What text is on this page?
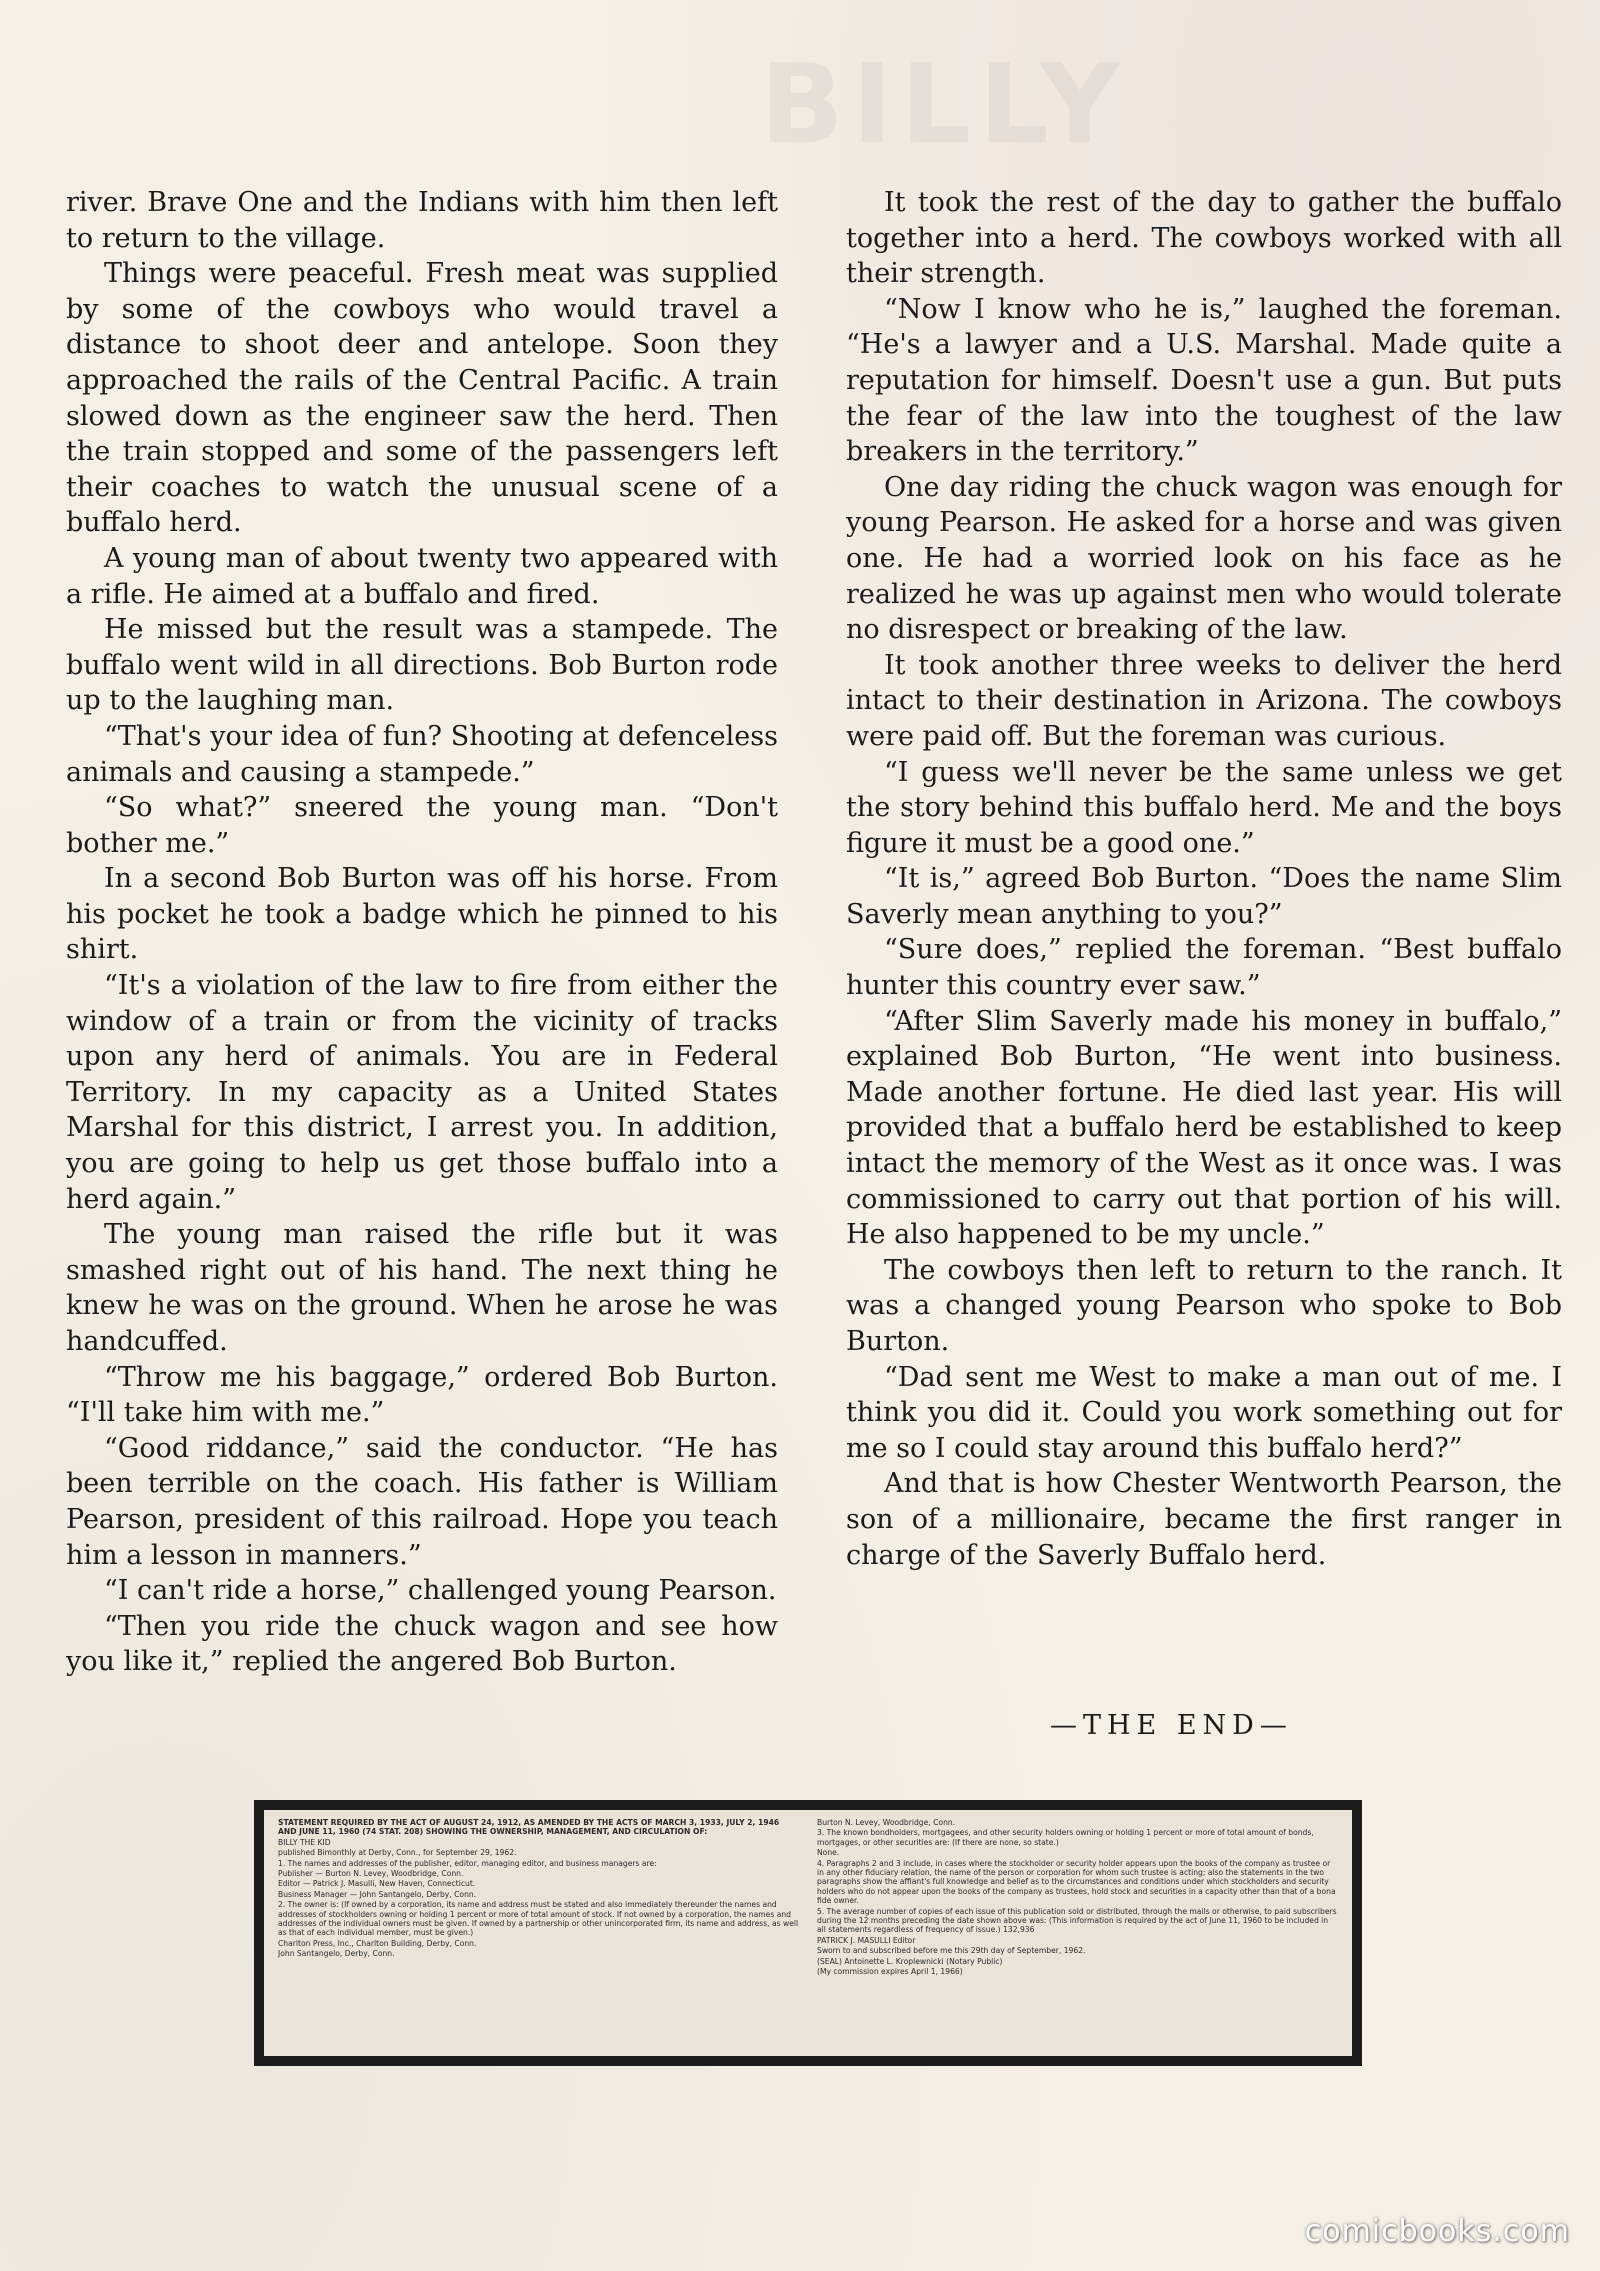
BILLY

river. Brave One and the Indians with him then left to return to the village.

Things were peaceful. Fresh meat was supplied by some of the cowboys who would travel a distance to shoot deer and antelope. Soon they approached the rails of the Central Pacific. A train slowed down as the engineer saw the herd. Then the train stopped and some of the passengers left their coaches to watch the unusual scene of a buffalo herd.

A young man of about twenty two appeared with a rifle. He aimed at a buffalo and fired.

He missed but the result was a stampede. The buffalo went wild in all directions. Bob Burton rode up to the laughing man.

“That's your idea of fun? Shooting at defenceless animals and causing a stampede.”

“So what?” sneered the young man. “Don't bother me.”

In a second Bob Burton was off his horse. From his pocket he took a badge which he pinned to his shirt.

“It's a violation of the law to fire from either the window of a train or from the vicinity of tracks upon any herd of animals. You are in Federal Territory. In my capacity as a United States Marshal for this district, I arrest you. In addition, you are going to help us get those buffalo into a herd again.”

The young man raised the rifle but it was smashed right out of his hand. The next thing he knew he was on the ground. When he arose he was handcuffed.

“Throw me his baggage,” ordered Bob Burton. “I'll take him with me.”

“Good riddance,” said the conductor. “He has been terrible on the coach. His father is William Pearson, president of this railroad. Hope you teach him a lesson in manners.”

“I can't ride a horse,” challenged young Pearson.

“Then you ride the chuck wagon and see how you like it,” replied the angered Bob Burton.

It took the rest of the day to gather the buffalo together into a herd. The cowboys worked with all their strength.

“Now I know who he is,” laughed the foreman. “He's a lawyer and a U.S. Marshal. Made quite a reputation for himself. Doesn't use a gun. But puts the fear of the law into the toughest of the law breakers in the territory.”

One day riding the chuck wagon was enough for young Pearson. He asked for a horse and was given one. He had a worried look on his face as he realized he was up against men who would tolerate no disrespect or breaking of the law.

It took another three weeks to deliver the herd intact to their destination in Arizona. The cowboys were paid off. But the foreman was curious.

“I guess we'll never be the same unless we get the story behind this buffalo herd. Me and the boys figure it must be a good one.”

“It is,” agreed Bob Burton. “Does the name Slim Saverly mean anything to you?”

“Sure does,” replied the foreman. “Best buffalo hunter this country ever saw.”

“After Slim Saverly made his money in buffalo,” explained Bob Burton, “He went into business. Made another fortune. He died last year. His will provided that a buffalo herd be established to keep intact the memory of the West as it once was. I was commissioned to carry out that portion of his will. He also happened to be my uncle.”

The cowboys then left to return to the ranch. It was a changed young Pearson who spoke to Bob Burton.

“Dad sent me West to make a man out of me. I think you did it. Could you work something out for me so I could stay around this buffalo herd?”

And that is how Chester Wentworth Pearson, the son of a millionaire, became the first ranger in charge of the Saverly Buffalo herd.

—THE END—

STATEMENT REQUIRED BY THE ACT OF AUGUST 24, 1912, AS AMENDED BY THE ACTS OF MARCH 3, 1933, JULY 2, 1946 AND JUNE 11, 1960 (74 STAT. 208) SHOWING THE OWNERSHIP, MANAGEMENT, AND CIRCULATION OF:

BILLY THE KID

published Bimonthly at Derby, Conn., for September 29, 1962.

1. The names and addresses of the publisher, editor, managing editor, and business managers are:

Publisher — Burton N. Levey, Woodbridge, Conn.

Editor — Patrick J. Masulli, New Haven, Connecticut.

Business Manager — John Santangelo, Derby, Conn.

2. The owner is: (If owned by a corporation, its name and address must be stated and also immediately thereunder the names and addresses of stockholders owning or holding 1 percent or more of total amount of stock. If not owned by a corporation, the names and addresses of the individual owners must be given. If owned by a partnership or other unincorporated firm, its name and address, as well as that of each individual member, must be given.)

Charlton Press, Inc., Charlton Building, Derby, Conn.

John Santangelo, Derby, Conn.

Burton N. Levey, Woodbridge, Conn.

3. The known bondholders, mortgagees, and other security holders owning or holding 1 percent or more of total amount of bonds, mortgages, or other securities are: (If there are none, so state.)

None.

4. Paragraphs 2 and 3 include, in cases where the stockholder or security holder appears upon the books of the company as trustee or in any other fiduciary relation, the name of the person or corporation for whom such trustee is acting; also the statements in the two paragraphs show the affiant's full knowledge and belief as to the circumstances and conditions under which stockholders and security holders who do not appear upon the books of the company as trustees, hold stock and securities in a capacity other than that of a bona fide owner.

5. The average number of copies of each issue of this publication sold or distributed, through the mails or otherwise, to paid subscribers during the 12 months preceding the date shown above was: (This information is required by the act of June 11, 1960 to be included in all statements regardless of frequency of issue.) 132,936

PATRICK J. MASULLI Editor

Sworn to and subscribed before me this 29th day of September, 1962.

(SEAL) Antoinette L. Kroplewnicki (Notary Public)

(My commission expires April 1, 1966)

comicbooks.com
